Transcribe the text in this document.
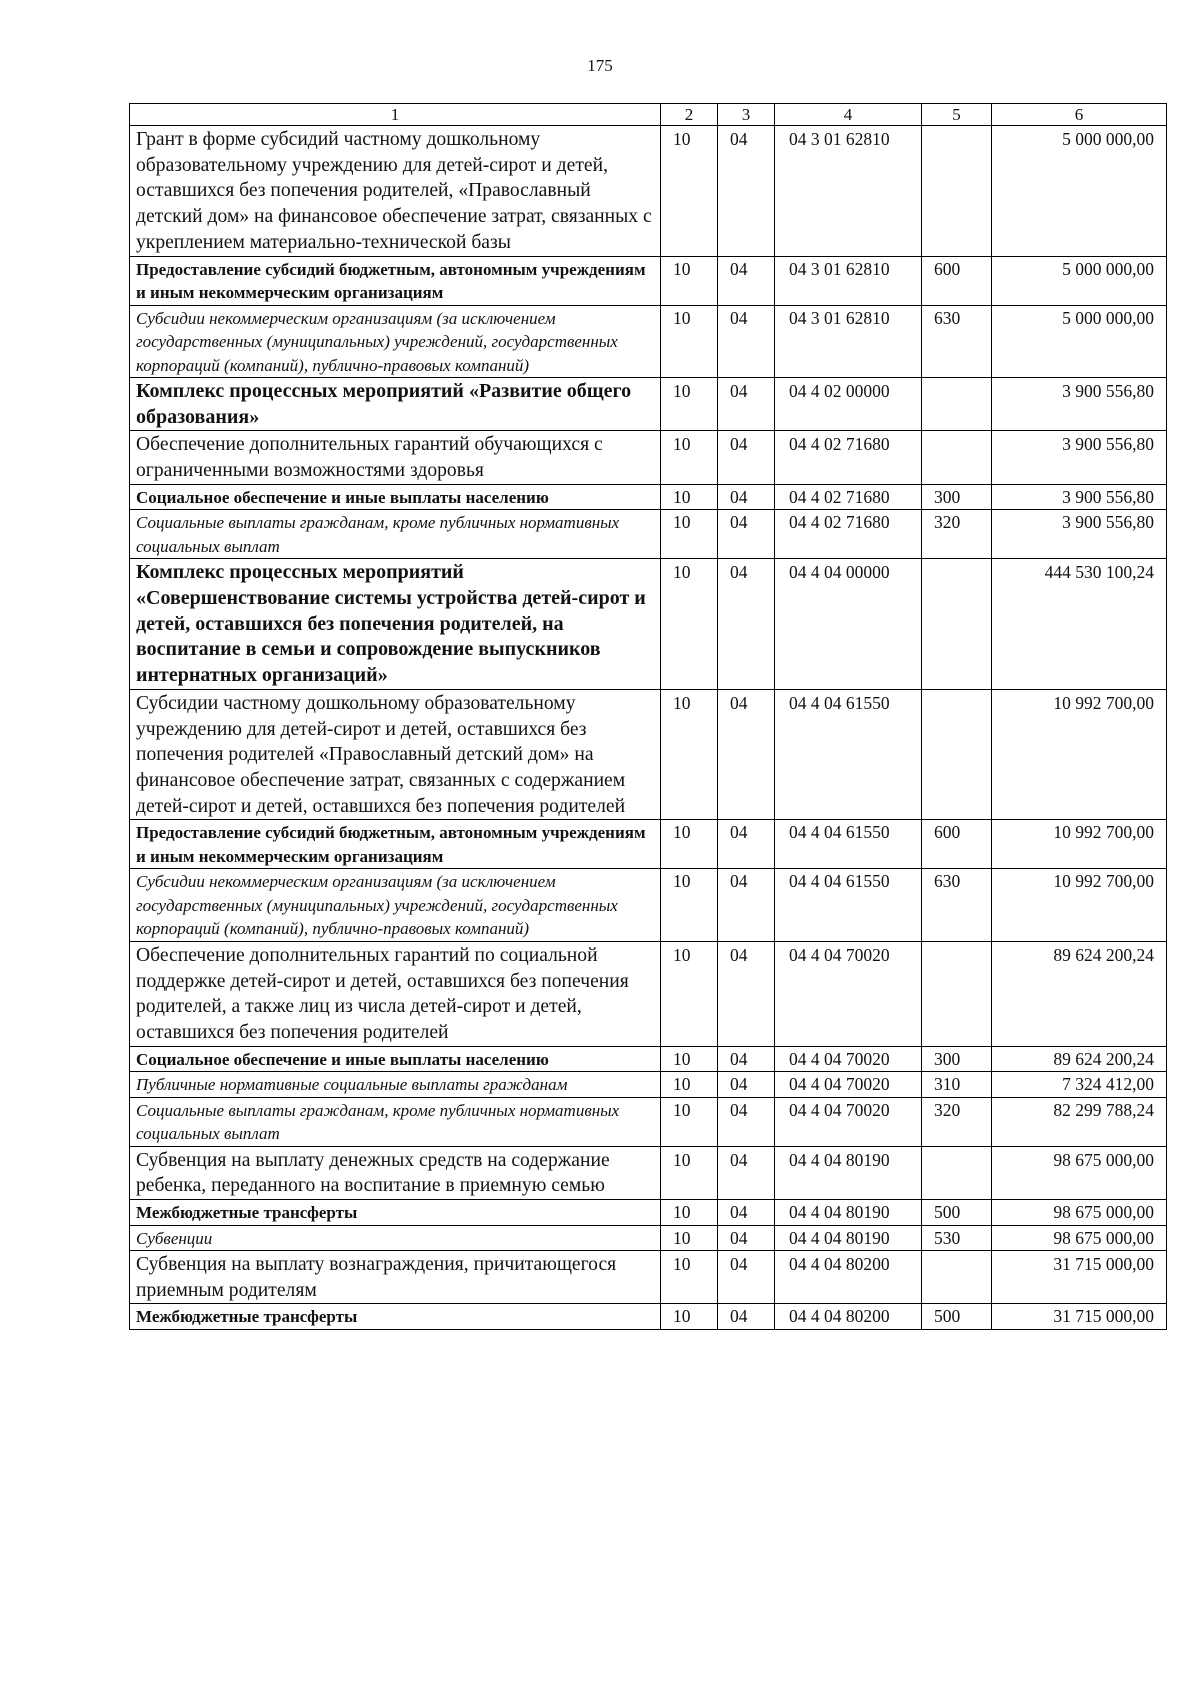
175
1	2	3	4	5	6
Грант в форме субсидий частному дошкольному образовательному учреждению для детей-сирот и детей, оставшихся без попечения родителей, «Православный детский дом» на финансовое обеспечение затрат, связанных с укреплением материально-технической базы	10	04	04 3 01 62810		5 000 000,00
Предоставление субсидий бюджетным, автономным учреждениям и иным некоммерческим организациям	10	04	04 3 01 62810	600	5 000 000,00
Субсидии некоммерческим организациям (за исключением государственных (муниципальных) учреждений, государственных корпораций (компаний), публично-правовых компаний)	10	04	04 3 01 62810	630	5 000 000,00
Комплекс процессных мероприятий «Развитие общего образования»	10	04	04 4 02 00000		3 900 556,80
Обеспечение дополнительных гарантий обучающихся с ограниченными возможностями здоровья	10	04	04 4 02 71680		3 900 556,80
Социальное обеспечение и иные выплаты населению	10	04	04 4 02 71680	300	3 900 556,80
Социальные выплаты гражданам, кроме публичных нормативных социальных выплат	10	04	04 4 02 71680	320	3 900 556,80
Комплекс процессных мероприятий «Совершенствование системы устройства детей-сирот и детей, оставшихся без попечения родителей, на воспитание в семьи и сопровождение выпускников интернатных организаций»	10	04	04 4 04 00000		444 530 100,24
Субсидии частному дошкольному образовательному учреждению для детей-сирот и детей, оставшихся без попечения родителей «Православный детский дом» на финансовое обеспечение затрат, связанных с содержанием детей-сирот и детей, оставшихся без попечения родителей	10	04	04 4 04 61550		10 992 700,00
Предоставление субсидий бюджетным, автономным учреждениям и иным некоммерческим организациям	10	04	04 4 04 61550	600	10 992 700,00
Субсидии некоммерческим организациям (за исключением государственных (муниципальных) учреждений, государственных корпораций (компаний), публично-правовых компаний)	10	04	04 4 04 61550	630	10 992 700,00
Обеспечение дополнительных гарантий по социальной поддержке детей-сирот и детей, оставшихся без попечения родителей, а также лиц из числа детей-сирот и детей, оставшихся без попечения родителей	10	04	04 4 04 70020		89 624 200,24
Социальное обеспечение и иные выплаты населению	10	04	04 4 04 70020	300	89 624 200,24
Публичные нормативные социальные выплаты гражданам	10	04	04 4 04 70020	310	7 324 412,00
Социальные выплаты гражданам, кроме публичных нормативных социальных выплат	10	04	04 4 04 70020	320	82 299 788,24
Субвенция на выплату денежных средств на содержание ребенка, переданного на воспитание в приемную семью	10	04	04 4 04 80190		98 675 000,00
Межбюджетные трансферты	10	04	04 4 04 80190	500	98 675 000,00
Субвенции	10	04	04 4 04 80190	530	98 675 000,00
Субвенция на выплату вознаграждения, причитающегося приемным родителям	10	04	04 4 04 80200		31 715 000,00
Межбюджетные трансферты	10	04	04 4 04 80200	500	31 715 000,00
